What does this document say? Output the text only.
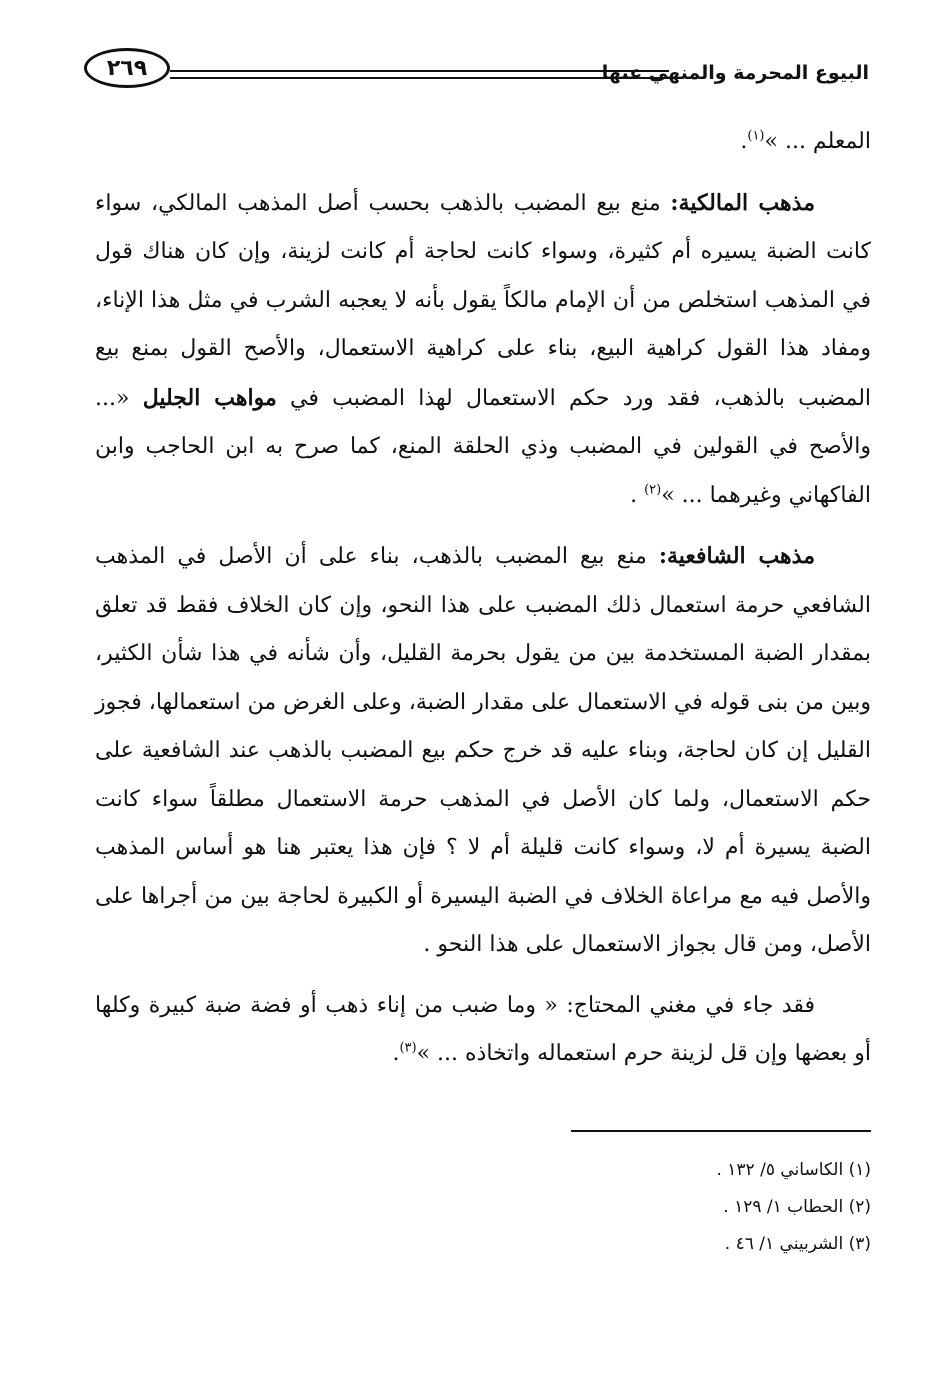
البيوع المحرمة والمنهي عنها
٢٦٩

المعلم ... »$^{(١)}$.

مذهب المالكية: منع بيع المضبب بالذهب بحسب أصل المذهب المالكي، سواء كانت الضبة يسيره أم كثيرة، وسواء كانت لحاجة أم كانت لزينة، وإن كان هناك قول في المذهب استخلص من أن الإمام مالكاً يقول بأنه لا يعجبه الشرب في مثل هذا الإناء، ومفاد هذا القول كراهية البيع، بناء على كراهية الاستعمال، والأصح القول بمنع بيع المضبب بالذهب، فقد ورد حكم الاستعمال لهذا المضبب في مواهب الجليل «... والأصح في القولين في المضبب وذي الحلقة المنع، كما صرح به ابن الحاجب وابن الفاكهاني وغيرهما ... »$^{(٢)}$ .

مذهب الشافعية: منع بيع المضبب بالذهب، بناء على أن الأصل في المذهب الشافعي حرمة استعمال ذلك المضبب على هذا النحو، وإن كان الخلاف فقط قد تعلق بمقدار الضبة المستخدمة بين من يقول بحرمة القليل، وأن شأنه في هذا شأن الكثير، وبين من بنى قوله في الاستعمال على مقدار الضبة، وعلى الغرض من استعمالها، فجوز القليل إن كان لحاجة، وبناء عليه قد خرج حكم بيع المضبب بالذهب عند الشافعية على حكم الاستعمال، ولما كان الأصل في المذهب حرمة الاستعمال مطلقاً سواء كانت الضبة يسيرة أم لا، وسواء كانت قليلة أم لا ؟ فإن هذا يعتبر هنا هو أساس المذهب والأصل فيه مع مراعاة الخلاف في الضبة اليسيرة أو الكبيرة لحاجة بين من أجراها على الأصل، ومن قال بجواز الاستعمال على هذا النحو .

فقد جاء في مغني المحتاج: « وما ضبب من إناء ذهب أو فضة ضبة كبيرة وكلها أو بعضها وإن قل لزينة حرم استعماله واتخاذه ... »$^{(٣)}$.

(١) الكاساني ٥/ ١٣٢ .
(٢) الحطاب ١/ ١٢٩ .
(٣) الشربيني ١/ ٤٦ .
